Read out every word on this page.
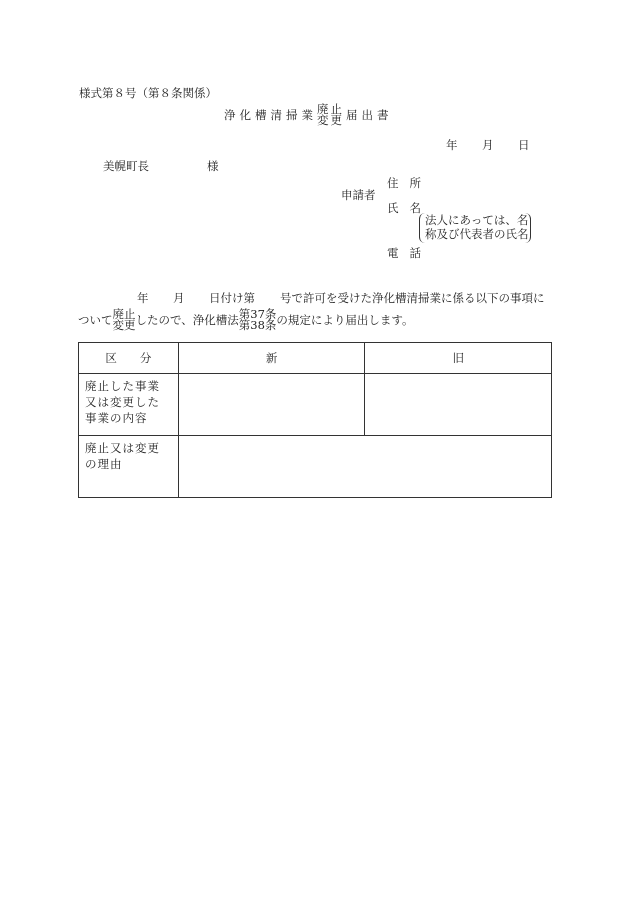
様式第８号（第８条関係）
浄化槽清掃業 廃止
変更 届出書
年 月 日
美幌町長	様
申請者
住所
氏名
法人にあっては、名
称及び代表者の氏名
電話
年 月 日付け第 号で許可を受けた浄化槽清掃業に係る以下の事項に
ついて 廃止
変更 したので、浄化槽法 第37条
第38条 の規定により届出します。
区　　分	新	旧
廃止した事業又は変更した事業の内容		
廃止又は変更の理由		
